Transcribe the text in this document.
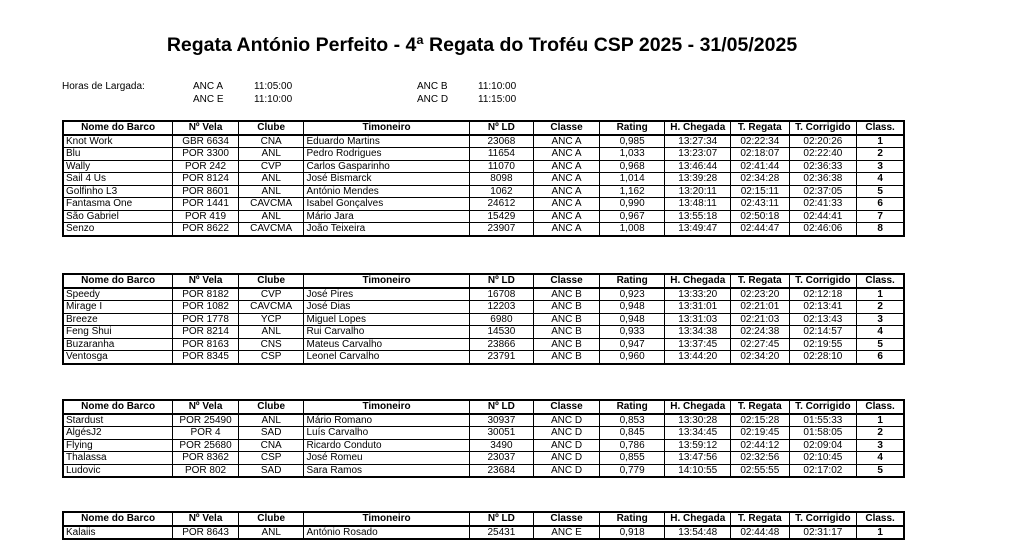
Regata António Perfeito - 4ª Regata do Troféu CSP 2025 - 31/05/2025
Horas de Largada:	ANC A	11:05:00	ANC B	11:10:00
ANC E	11:10:00	ANC D	11:15:00
Nome do Barco	Nº Vela	Clube	Timoneiro	Nº LD	Classe	Rating	H. Chegada	T. Regata	T. Corrigido	Class.
Knot Work	GBR 6634	CNA	Eduardo Martins	23068	ANC A	0,985	13:27:34	02:22:34	02:20:26	1
Blu	POR 3300	ANL	Pedro Rodrigues	11654	ANC A	1,033	13:23:07	02:18:07	02:22:40	2
Wally	POR 242	CVP	Carlos Gasparinho	11070	ANC A	0,968	13:46:44	02:41:44	02:36:33	3
Sail 4 Us	POR 8124	ANL	José Bismarck	8098	ANC A	1,014	13:39:28	02:34:28	02:36:38	4
Golfinho L3	POR 8601	ANL	António Mendes	1062	ANC A	1,162	13:20:11	02:15:11	02:37:05	5
Fantasma One	POR 1441	CAVCMA	Isabel Gonçalves	24612	ANC A	0,990	13:48:11	02:43:11	02:41:33	6
São Gabriel	POR 419	ANL	Mário Jara	15429	ANC A	0,967	13:55:18	02:50:18	02:44:41	7
Senzo	POR 8622	CAVCMA	João Teixeira	23907	ANC A	1,008	13:49:47	02:44:47	02:46:06	8
Nome do Barco	Nº Vela	Clube	Timoneiro	Nº LD	Classe	Rating	H. Chegada	T. Regata	T. Corrigido	Class.
Speedy	POR 8182	CVP	José Pires	16708	ANC B	0,923	13:33:20	02:23:20	02:12:18	1
Mirage I	POR 1082	CAVCMA	José Dias	12203	ANC B	0,948	13:31:01	02:21:01	02:13:41	2
Breeze	POR 1778	YCP	Miguel Lopes	6980	ANC B	0,948	13:31:03	02:21:03	02:13:43	3
Feng Shui	POR 8214	ANL	Rui Carvalho	14530	ANC B	0,933	13:34:38	02:24:38	02:14:57	4
Buzaranha	POR 8163	CNS	Mateus Carvalho	23866	ANC B	0,947	13:37:45	02:27:45	02:19:55	5
Ventosga	POR 8345	CSP	Leonel Carvalho	23791	ANC B	0,960	13:44:20	02:34:20	02:28:10	6
Nome do Barco	Nº Vela	Clube	Timoneiro	Nº LD	Classe	Rating	H. Chegada	T. Regata	T. Corrigido	Class.
Stardust	POR 25490	ANL	Mário Romano	30937	ANC D	0,853	13:30:28	02:15:28	01:55:33	1
AlgésJ2	POR 4	SAD	Luís Carvalho	30051	ANC D	0,845	13:34:45	02:19:45	01:58:05	2
Flying	POR 25680	CNA	Ricardo Conduto	3490	ANC D	0,786	13:59:12	02:44:12	02:09:04	3
Thalassa	POR 8362	CSP	José Romeu	23037	ANC D	0,855	13:47:56	02:32:56	02:10:45	4
Ludovic	POR 802	SAD	Sara Ramos	23684	ANC D	0,779	14:10:55	02:55:55	02:17:02	5
Nome do Barco	Nº Vela	Clube	Timoneiro	Nº LD	Classe	Rating	H. Chegada	T. Regata	T. Corrigido	Class.
Kalaiis	POR 8643	ANL	António Rosado	25431	ANC E	0,918	13:54:48	02:44:48	02:31:17	1
